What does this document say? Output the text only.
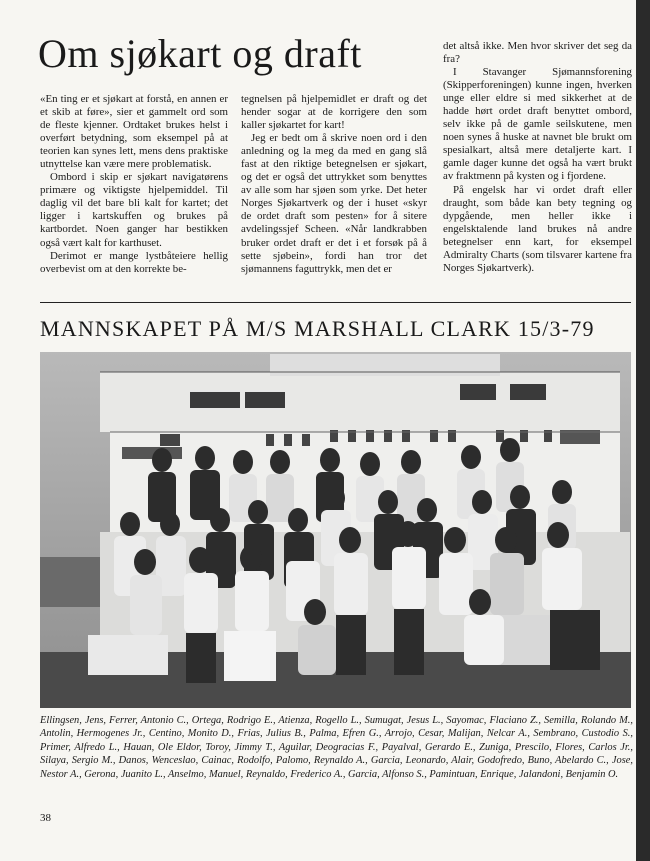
Om sjøkart og draft

«En ting er et sjøkart at forstå, en annen er et skib at føre», sier et gammelt ord som de fleste kjenner. Ordtaket brukes helst i overført betydning, som eksempel på at teorien kan synes lett, mens dens praktiske utnyttelse kan være mere problematisk.

Ombord i skip er sjøkart navigatørens primære og viktigste hjelpemiddel. Til daglig vil det bare bli kalt for kartet; det ligger i kartskuffen og brukes på kartbordet. Noen ganger har bestikken også vært kalt for karthuset.

Derimot er mange lystbåteiere hellig overbevist om at den korrekte be-

tegnelsen på hjelpemidlet er draft og det hender sogar at de korrigere den som kaller sjøkartet for kart!

Jeg er bedt om å skrive noen ord i den anledning og la meg da med en gang slå fast at den riktige betegnelsen er sjøkart, og det er også det uttrykket som benyttes av alle som har sjøen som yrke. Det heter Norges Sjøkartverk og der i huset «skyr de ordet draft som pesten» for å sitere avdelingssjef Scheen. «Når landkrabben bruker ordet draft er det i et forsøk på å sette sjøbein», fordi han tror det sjømannens faguttrykk, men det er

det altså ikke. Men hvor skriver det seg da fra?

I Stavanger Sjømannsforening (Skipperforeningen) kunne ingen, hverken unge eller eldre si med sikkerhet at de hadde hørt ordet draft benyttet ombord, selv ikke på de gamle seilskutene, men noen synes å huske at navnet ble brukt om spesialkart, altså mere detaljerte kart. I gamle dager kunne det også ha vært brukt av fraktmenn på kysten og i fjordene.

På engelsk har vi ordet draft eller draught, som både kan bety tegning og dypgående, men heller ikke i engelsktalende land brukes nå andre betegnelser enn kart, for eksempel Admiralty Charts (som tilsvarer kartene fra Norges Sjøkartverk).

MANNSKAPET PÅ M/S MARSHALL CLARK 15/3-79
Ellingsen, Jens, Ferrer, Antonio C., Ortega, Rodrigo E., Atienza, Rogello L., Sumugat, Jesus L., Sayomac, Flaciano Z., Semilla, Rolando M., Antolin, Hermogenes Jr., Centino, Monito D., Frias, Julius B., Palma, Efren G., Arrojo, Cesar, Malijan, Nelcar A., Sembrano, Custodio S., Primer, Alfredo L., Hauan, Ole Eldor, Toroy, Jimmy T., Aguilar, Deogracias F., Payalval, Gerardo E., Zuniga, Prescilo, Flores, Carlos Jr., Silaya, Sergio M., Danos, Wenceslao, Cainac, Rodolfo, Palomo, Reynaldo A., Garcia, Leonardo, Alair, Godofredo, Buno, Abelardo C., Jose, Nestor A., Gerona, Juanito L., Anselmo, Manuel, Reynaldo, Frederico A., Garcia, Alfonso S., Pamintuan, Enrique, Jalandoni, Benjamin O.
38
